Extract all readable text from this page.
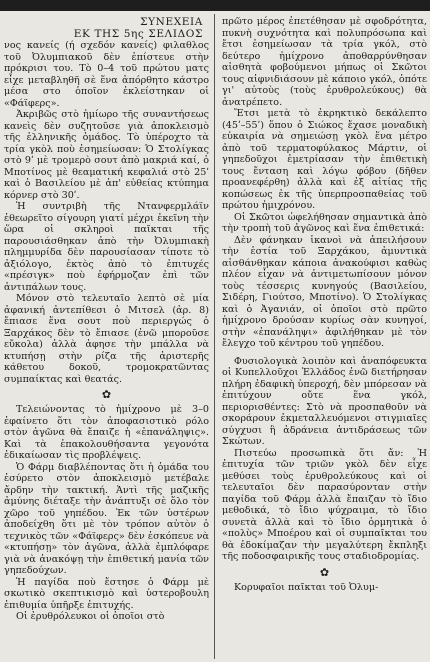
ΣΥΝΕΧΕΙΑ
ΕΚ ΤΗΣ 5ης ΣΕΛΙΔΟΣ

νος κανείς (ή σχεδόν κανείς) φιλαθλος τοῦ Ὀλυμπιακοῦ δὲν ἐπίστευε στὴν πρόκρισι του. Τὸ 0–4 τοῦ πρώτου ματς εἶχε μεταβληθῆ σὲ ἕνα ἀπόρθητο κάστρο μέσα στο ὁποῖον ἐκλείστηκαν οἱ «Φάϊφερς».

Ἀκριβῶς στὸ ἡμίωρο τῆς συναντήσεως κανεὶς δὲν συζητοῦσε γιὰ ἀποκλεισμὸ τῆς ἑλληνικῆς ὁμάδος. Τὸ ὑπέροχτο τὰ τρία γκὸλ ποὺ ἐσημείωσαν: Ὁ Στολίγκας στὸ 9ʹ μὲ τρομερὸ σουτ ἀπὸ μακριά καί, ὁ Μποτίνος μὲ θεαματική κεφαλιά στὸ 25ʹ καὶ ὁ Βασιλείου μὲ ἀπ' εὐθείας κτύπημα κόρνερ στὸ 30ʹ.

Ἡ συντριβὴ τῆς Ντανφερμλάϊν ἐθεωρεῖτο σίγουρη γιατί μέχρι ἐκεῖνη τὴν ὥρα οἱ σκληροὶ παῖκται τῆς παρουσιάσθηκαν ἀπὸ τὴν Ὀλυμπιακὴ πλημμυρίδα δὲν παρουσίασαν τίποτε τὸ ἀξιόλογο, ἐκτὸς ἀπὸ τὸ ἐπιτυχές «πρέσιγκ» ποὺ ἐφήρμοζαν ἐπὶ τῶν ἀντιπάλων τους.

Μόνον στὸ τελευταῖο λεπτὸ σὲ μία ἀφανική ἀντεπίθεσι ὁ Μιτσελ (ἀρ. 8) ἔπιασε ἕνα σουτ ποὺ περιεργώς ὁ Ξαρχάκος δὲν τὸ ἔπιασε (ἐνῶ μποροῦσε εὔκολα) ἀλλὰ ἀφησε τὴν μπάλλα νὰ κτυπήσῃ στὴν ρίζα τῆς ἀριστερῆς κάθετου δοκοῦ, τρομοκρατῶντας συμπαίκτας καὶ θεατάς.

✿

Τελειώνοντας τὸ ἡμίχρονο μὲ 3–0 ἐφαίνετο ὅτι τὸν ἀποφασιστικὸ ρόλο στὸν ἀγῶνα θὰ ἔπαιζε ἡ «ἐπανάληψις». Καὶ τὰ ἐπακολουθήσαντα γεγονότα ἐδικαίωσαν τὶς προβλέψεις.

Ὁ Φάρμ διαβλέποντας ὅτι ἡ ὁμάδα του ἐσύρετο στὸν ἀποκλεισμὸ μετέβαλε ἄρδην τὴν τακτική. Ἀντὶ τῆς μαζικῆς ἀμύνης διέταξε τὴν ἀνάπτυξι σὲ ὅλο τὸν χῶρο τοῦ γηπέδου. Ἐκ τῶν ὑστέρων ἀποδείχθη ὅτι μὲ τὸν τρόπον αὐτὸν ὁ τεχνικὸς τῶν «Φάϊφερς» δὲν ἐσκόπευε νὰ «κτυπήσῃ» τὸν ἀγῶνα, ἀλλὰ ἐμπλόφαρε γιὰ νὰ ἀνακόψῃ τὴν ἐπιθετική μανία τῶν γηπεδούχων.

Ἡ παγίδα ποὺ ἔστησε ὁ Φάρμ μὲ σκωτικὸ σκεπτικισμὸ καὶ ὑστεροβουλη ἐπιθυμία ὑπῆρξε ἐπιτυχής.

Οἱ ἐρυθρόλευκοι οἱ ὁποῖοι στὸ

πρῶτο μέρος ἐπετέθησαν μὲ σφοδρότητα, πυκνὴ συχνότητα καὶ πολυπρόσωπα καὶ ἔτσι ἐσημείωσαν τὰ τρία γκόλ, στὸ δεύτερο ἡμίχρονο ἀποθαρρύνθησαν αἰσθητὰ φοβούμενοι μήπως οἱ Σκῶτοι τους αἰφνιδιάσουν μὲ κάποιο γκόλ, ὁπότε γι' αὐτοὺς (τοὺς ἐρυθρολεύκους) θὰ ἀνατρέπετο.

Ἔτσι μετὰ τὸ ἐκρηκτικὸ δεκάλεπτο (45ʹ–55ʹ) ὅπου ὁ Σιώκος ἔχασε μοναδικὴ εὐκαιρία νὰ σημειώσῃ γκὸλ ἕνα μέτρο ἀπὸ τοῦ τερματοφύλακος Μάρτιν, οἱ γηπεδοῦχοι ἐμετρίασαν τὴν ἐπιθετικὴ τους ἔνταση καὶ λόγω φόβου (δῆθεν προανεφέρθη) ἀλλὰ καὶ ἐξ αἰτίας τῆς κοπώσεως ἐκ τῆς ὑπερπροσπαθείας τοῦ πρώτου ἡμιχρόνου.

Οἱ Σκῶτοι ὠφελήθησαν σημαντικὰ ἀπὸ τὴν τροπὴ τοῦ ἀγῶνος καὶ ἕνα ἐπιθετικά:

Δὲν φάνηκαν ἱκανοὶ νὰ ἀπειλήσουν τὴν ἑστία τοῦ Ξαρχάκου, ἀμυντικὰ αἰσθάνθηκαν κάποια ἀνακούφισι καθὼς πλέον εἶχαν νὰ ἀντιμετωπίσουν μόνον τοὺς τέσσερις κυνηγούς (Βασιλείου, Σιδέρη, Γιούτσο, Μποτίνο). Ὁ Στολίγκας καὶ ὁ Ἀγανιάν, οἱ ὁποῖοι στὸ πρῶτο ἡμίχρονο δρούσαν κυρίως σὰν κυνηγοί, στὴν «ἐπανάληψι» ἀφιλήθηκαν μὲ τὸν ἔλεγχο τοῦ κέντρου τοῦ γηπέδου.

Φυσιολογικὰ λοιπὸν καὶ ἀναπόφευκτα οἱ Κυπελλοῦχοι Ἑλλάδος ἐνῶ διετήρησαν πλήρη ἐδαφικὴ ὑπεροχή, δὲν μπόρεσαν νὰ ἐπιτύχουν οὔτε ἕνα γκόλ, περιορισθέντες: Στὸ νὰ προσπαθοῦν νὰ σκοράρουν ἐκμεταλλευόμενοι στιγμιαῖες σύγχυσι ἢ ἀδράνεια ἀντιδράσεως τῶν Σκώτων.

Πιστεύω προσωπικὰ ὅτι ἄν: Ἡ ἐπιτυχία τῶν τριῶν γκὸλ δὲν εἶχε μεθύσει τοὺς ἐρυθρολεύκους καὶ οἱ τελευταῖοι δὲν παρασύρονταν στὴν παγίδα τοῦ Φάρμ ἀλλὰ ἔπαιζαν τὸ ἴδιο μεθοδικά, τὸ ἴδιο ψύχραιμα, τὸ ἴδιο συνετὰ ἀλλὰ καὶ τὸ ἴδιο ὁρμητικὰ ὁ «πολὺς» Μποέρου καὶ οἱ συμπαῖκται του θὰ ἐδοκίμαζαν τὴν μεγαλύτερη ἔκπληξι τῆς ποδοσφαιρικῆς τους σταδιοδρομίας.

✿

Κορυφαῖοι παῖκται τοῦ Ὀλυμ-
